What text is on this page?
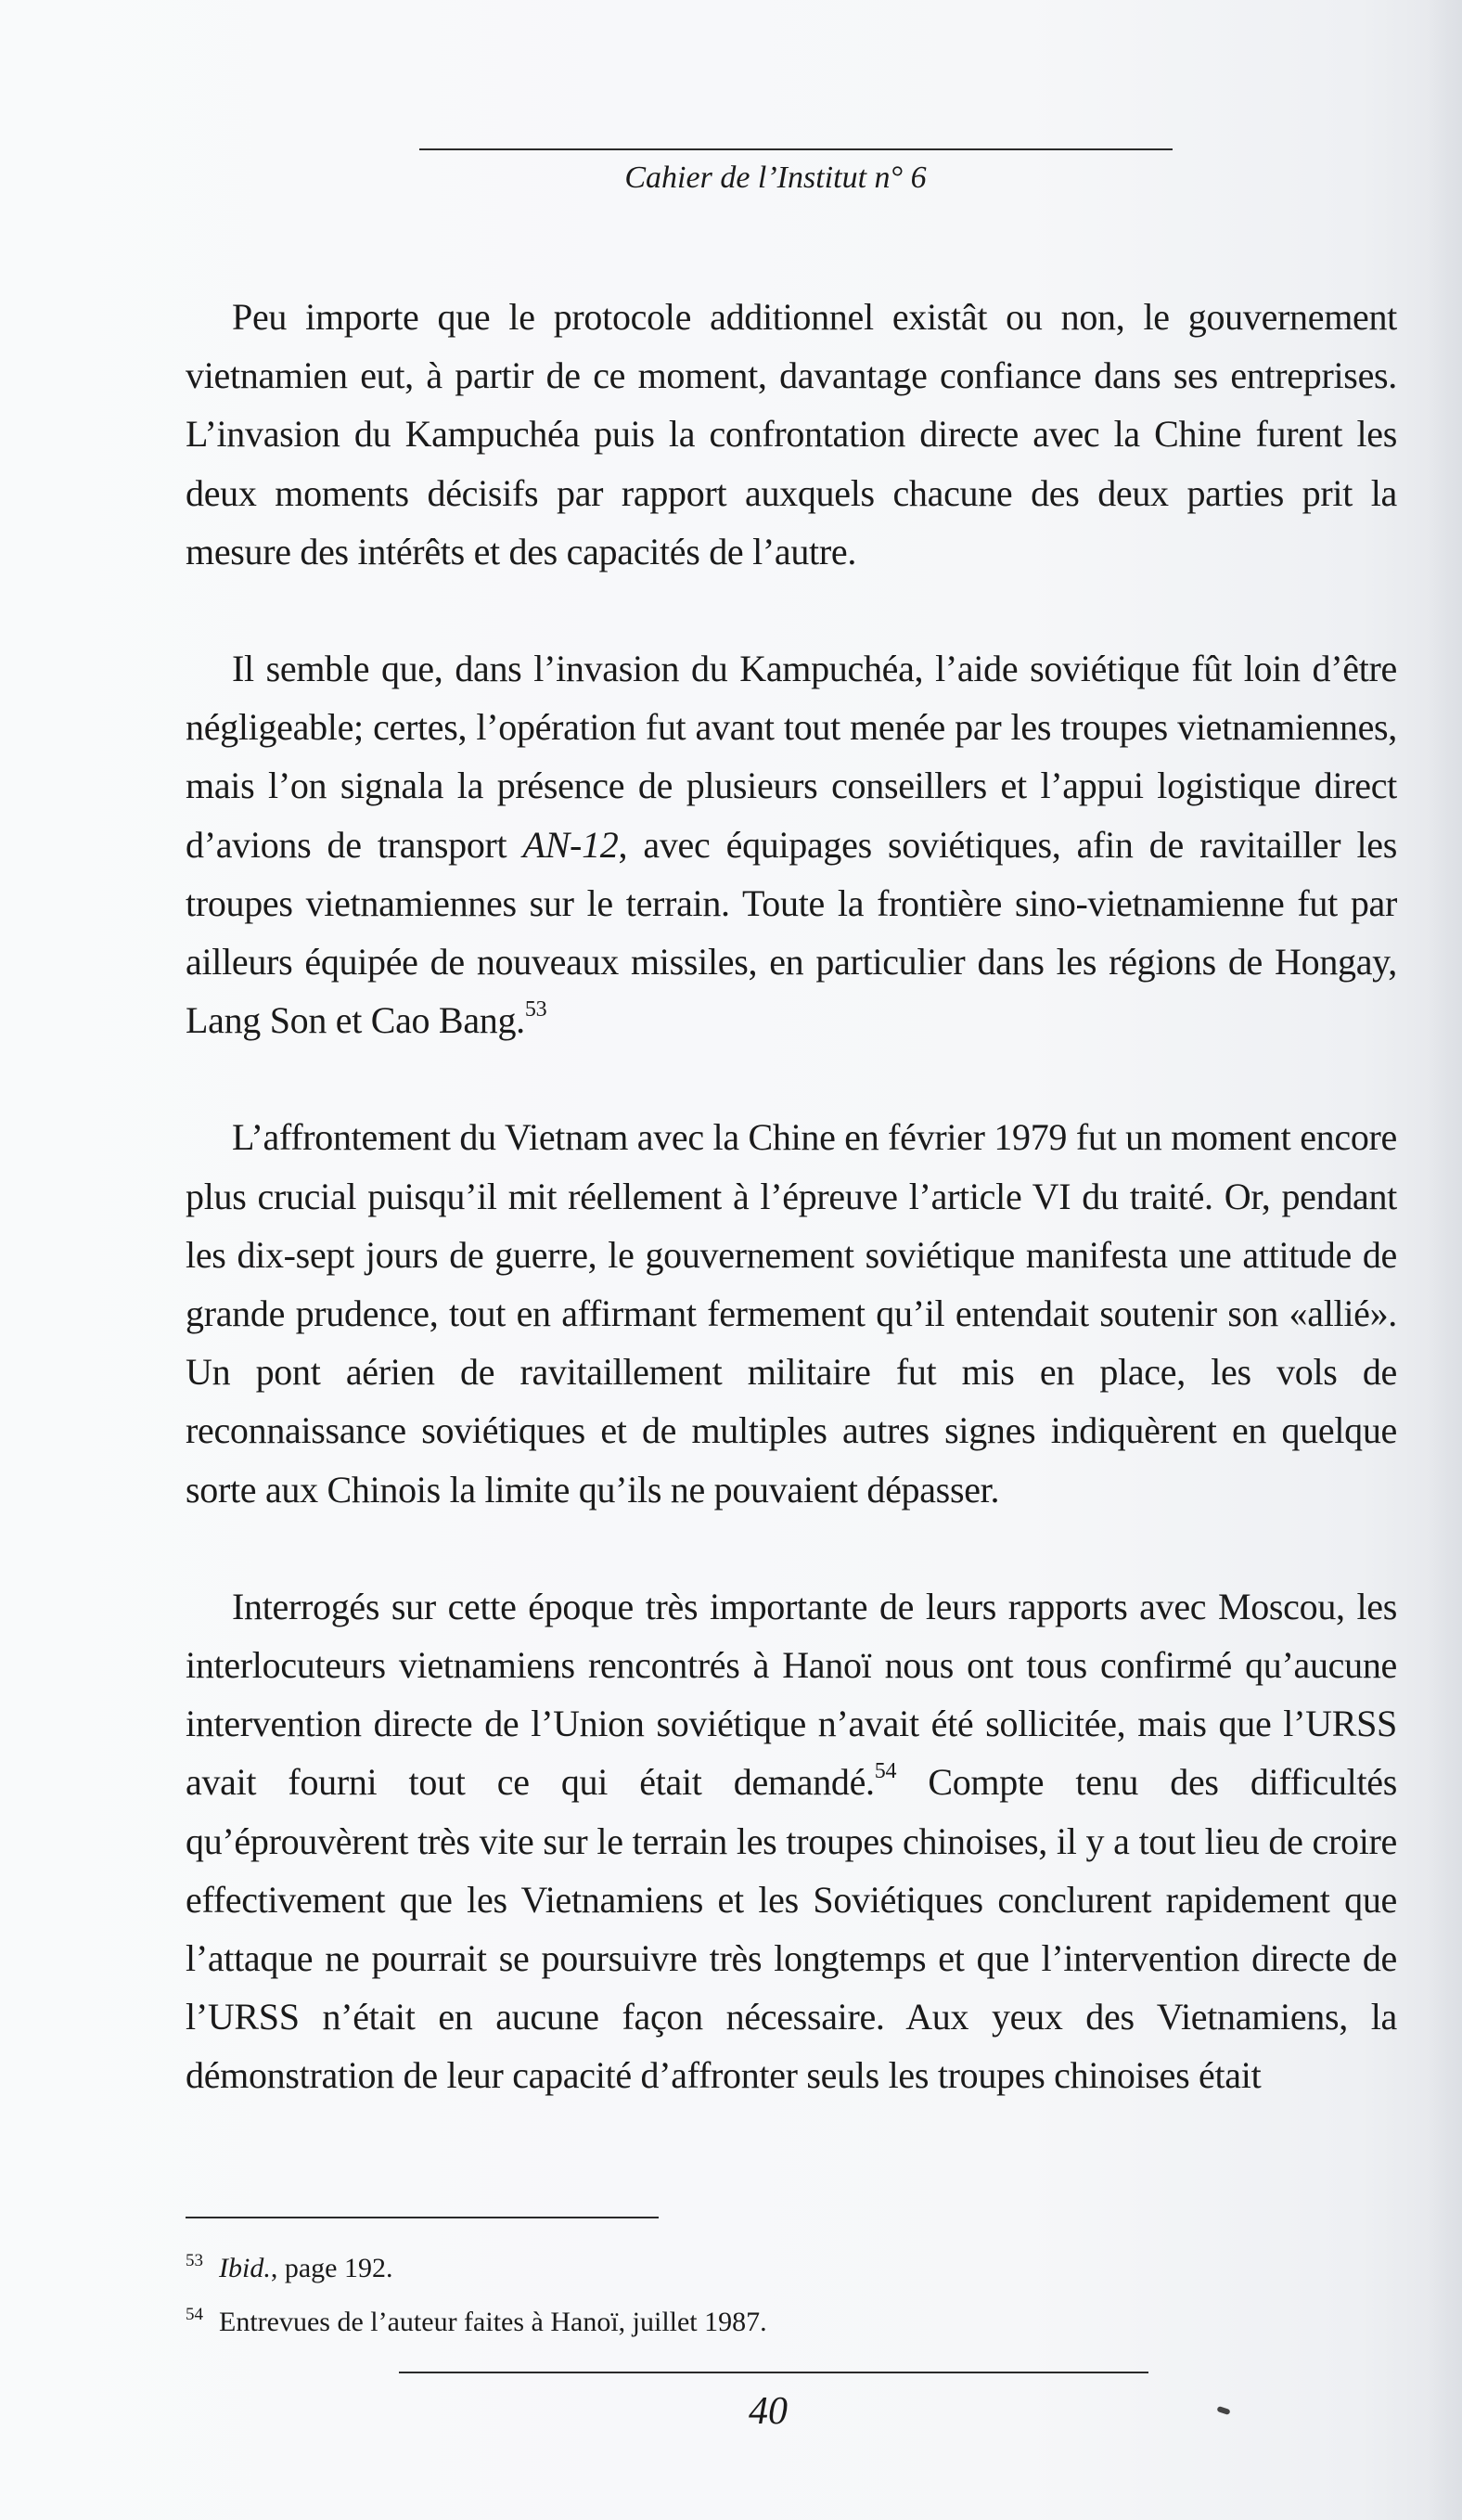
Cahier de l’Institut n° 6

Peu importe que le protocole additionnel existât ou non, le gouvernement vietnamien eut, à partir de ce moment, davantage confiance dans ses entreprises. L’invasion du Kampuchéa puis la confrontation directe avec la Chine furent les deux moments décisifs par rapport auxquels chacune des deux parties prit la mesure des intérêts et des capacités de l’autre.

Il semble que, dans l’invasion du Kampuchéa, l’aide soviétique fût loin d’être négligeable; certes, l’opération fut avant tout menée par les troupes vietnamiennes, mais l’on signala la présence de plusieurs conseillers et l’appui logistique direct d’avions de transport AN-12, avec équipages soviétiques, afin de ravitailler les troupes vietnamiennes sur le terrain. Toute la frontière sino-vietnamienne fut par ailleurs équipée de nouveaux missiles, en particulier dans les régions de Hongay, Lang Son et Cao Bang.$^{53}$

L’affrontement du Vietnam avec la Chine en février 1979 fut un moment encore plus crucial puisqu’il mit réellement à l’épreuve l’article VI du traité. Or, pendant les dix-sept jours de guerre, le gouvernement soviétique manifesta une attitude de grande prudence, tout en affirmant fermement qu’il entendait soutenir son «allié». Un pont aérien de ravitaillement militaire fut mis en place, les vols de reconnaissance soviétiques et de multiples autres signes indiquèrent en quelque sorte aux Chinois la limite qu’ils ne pouvaient dépasser.

Interrogés sur cette époque très importante de leurs rapports avec Moscou, les interlocuteurs vietnamiens rencontrés à Hanoï nous ont tous confirmé qu’aucune intervention directe de l’Union soviétique n’avait été sollicitée, mais que l’URSS avait fourni tout ce qui était demandé.$^{54}$ Compte tenu des difficultés qu’éprouvèrent très vite sur le terrain les troupes chinoises, il y a tout lieu de croire effectivement que les Vietnamiens et les Soviétiques conclurent rapidement que l’attaque ne pourrait se poursuivre très longtemps et que l’intervention directe de l’URSS n’était en aucune façon nécessaire. Aux yeux des Vietnamiens, la démonstration de leur capacité d’affronter seuls les troupes chinoises était

53 Ibid., page 192.
54 Entrevues de l’auteur faites à Hanoï, juillet 1987.
40
